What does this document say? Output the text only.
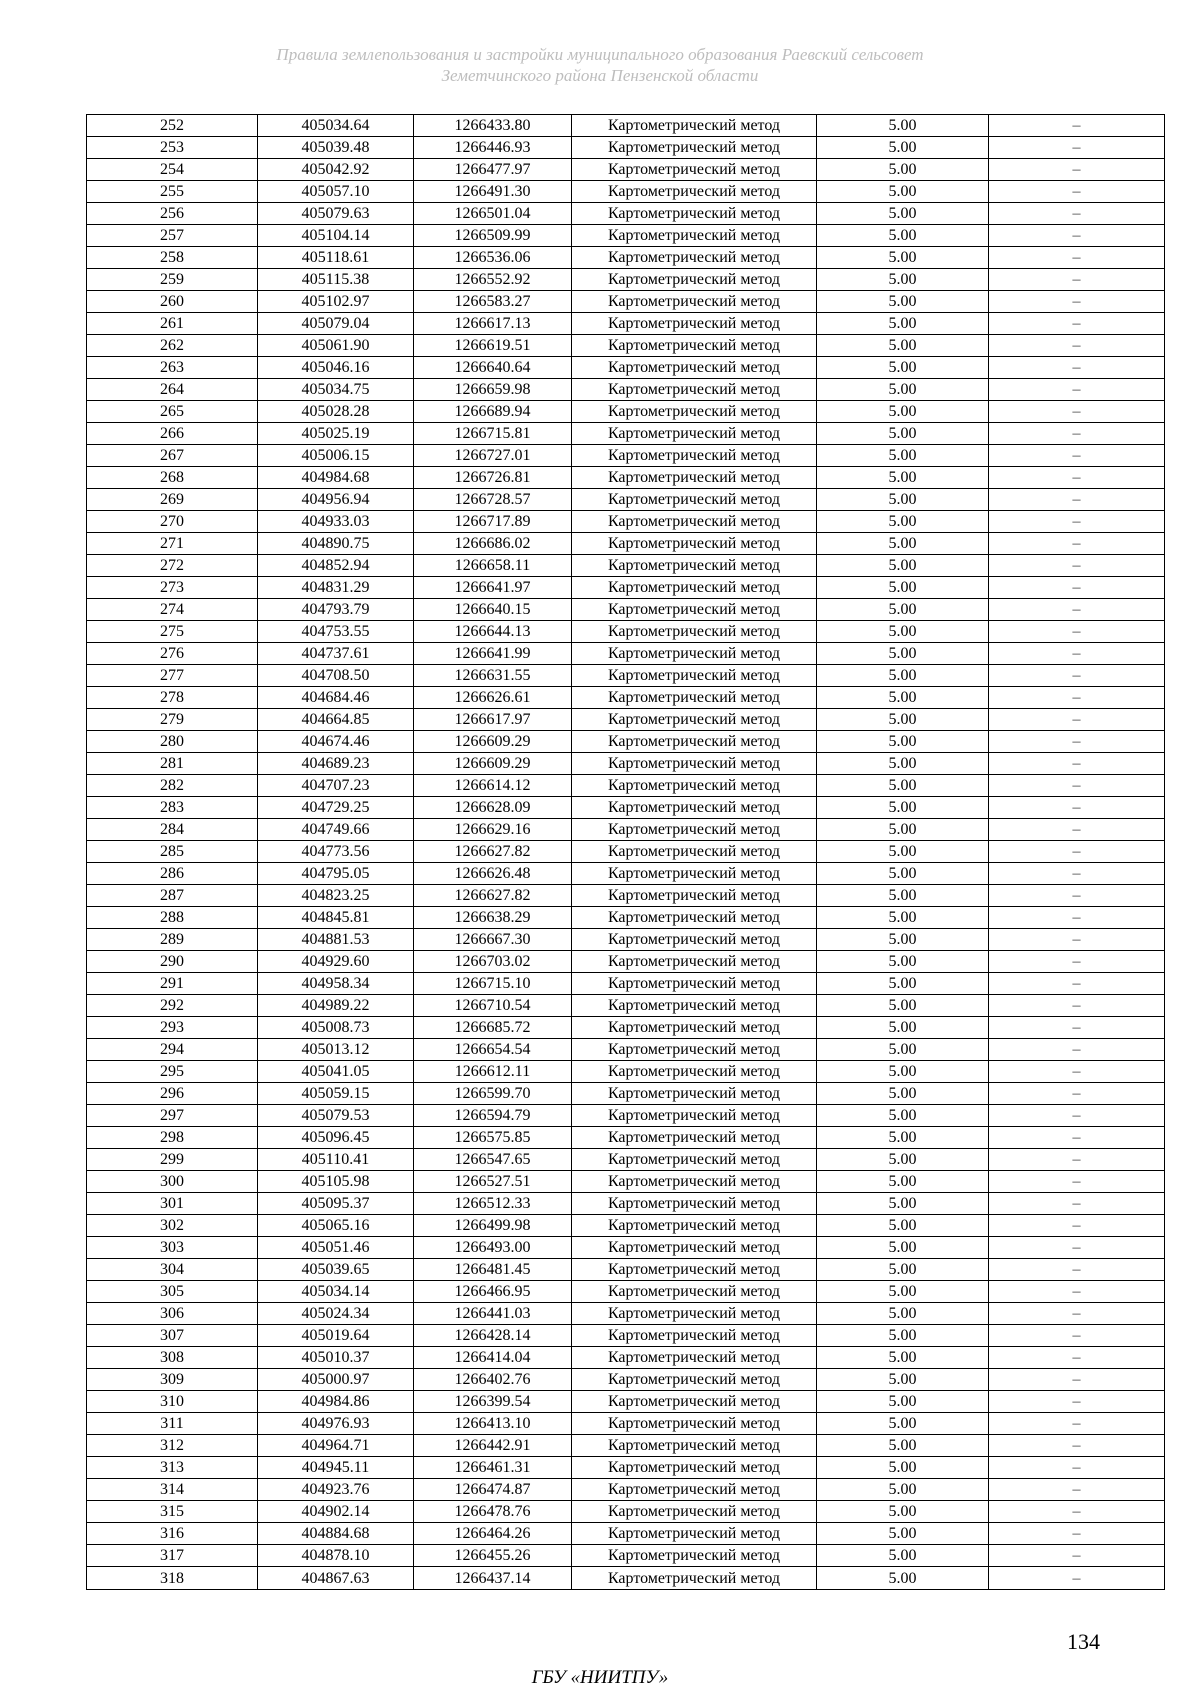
Правила землепользования и застройки муниципального образования Раевский сельсовет
Земетчинского района Пензенской области
252	405034.64	1266433.80	Картометрический метод	5.00	–
253	405039.48	1266446.93	Картометрический метод	5.00	–
254	405042.92	1266477.97	Картометрический метод	5.00	–
255	405057.10	1266491.30	Картометрический метод	5.00	–
256	405079.63	1266501.04	Картометрический метод	5.00	–
257	405104.14	1266509.99	Картометрический метод	5.00	–
258	405118.61	1266536.06	Картометрический метод	5.00	–
259	405115.38	1266552.92	Картометрический метод	5.00	–
260	405102.97	1266583.27	Картометрический метод	5.00	–
261	405079.04	1266617.13	Картометрический метод	5.00	–
262	405061.90	1266619.51	Картометрический метод	5.00	–
263	405046.16	1266640.64	Картометрический метод	5.00	–
264	405034.75	1266659.98	Картометрический метод	5.00	–
265	405028.28	1266689.94	Картометрический метод	5.00	–
266	405025.19	1266715.81	Картометрический метод	5.00	–
267	405006.15	1266727.01	Картометрический метод	5.00	–
268	404984.68	1266726.81	Картометрический метод	5.00	–
269	404956.94	1266728.57	Картометрический метод	5.00	–
270	404933.03	1266717.89	Картометрический метод	5.00	–
271	404890.75	1266686.02	Картометрический метод	5.00	–
272	404852.94	1266658.11	Картометрический метод	5.00	–
273	404831.29	1266641.97	Картометрический метод	5.00	–
274	404793.79	1266640.15	Картометрический метод	5.00	–
275	404753.55	1266644.13	Картометрический метод	5.00	–
276	404737.61	1266641.99	Картометрический метод	5.00	–
277	404708.50	1266631.55	Картометрический метод	5.00	–
278	404684.46	1266626.61	Картометрический метод	5.00	–
279	404664.85	1266617.97	Картометрический метод	5.00	–
280	404674.46	1266609.29	Картометрический метод	5.00	–
281	404689.23	1266609.29	Картометрический метод	5.00	–
282	404707.23	1266614.12	Картометрический метод	5.00	–
283	404729.25	1266628.09	Картометрический метод	5.00	–
284	404749.66	1266629.16	Картометрический метод	5.00	–
285	404773.56	1266627.82	Картометрический метод	5.00	–
286	404795.05	1266626.48	Картометрический метод	5.00	–
287	404823.25	1266627.82	Картометрический метод	5.00	–
288	404845.81	1266638.29	Картометрический метод	5.00	–
289	404881.53	1266667.30	Картометрический метод	5.00	–
290	404929.60	1266703.02	Картометрический метод	5.00	–
291	404958.34	1266715.10	Картометрический метод	5.00	–
292	404989.22	1266710.54	Картометрический метод	5.00	–
293	405008.73	1266685.72	Картометрический метод	5.00	–
294	405013.12	1266654.54	Картометрический метод	5.00	–
295	405041.05	1266612.11	Картометрический метод	5.00	–
296	405059.15	1266599.70	Картометрический метод	5.00	–
297	405079.53	1266594.79	Картометрический метод	5.00	–
298	405096.45	1266575.85	Картометрический метод	5.00	–
299	405110.41	1266547.65	Картометрический метод	5.00	–
300	405105.98	1266527.51	Картометрический метод	5.00	–
301	405095.37	1266512.33	Картометрический метод	5.00	–
302	405065.16	1266499.98	Картометрический метод	5.00	–
303	405051.46	1266493.00	Картометрический метод	5.00	–
304	405039.65	1266481.45	Картометрический метод	5.00	–
305	405034.14	1266466.95	Картометрический метод	5.00	–
306	405024.34	1266441.03	Картометрический метод	5.00	–
307	405019.64	1266428.14	Картометрический метод	5.00	–
308	405010.37	1266414.04	Картометрический метод	5.00	–
309	405000.97	1266402.76	Картометрический метод	5.00	–
310	404984.86	1266399.54	Картометрический метод	5.00	–
311	404976.93	1266413.10	Картометрический метод	5.00	–
312	404964.71	1266442.91	Картометрический метод	5.00	–
313	404945.11	1266461.31	Картометрический метод	5.00	–
314	404923.76	1266474.87	Картометрический метод	5.00	–
315	404902.14	1266478.76	Картометрический метод	5.00	–
316	404884.68	1266464.26	Картометрический метод	5.00	–
317	404878.10	1266455.26	Картометрический метод	5.00	–
318	404867.63	1266437.14	Картометрический метод	5.00	–
134
ГБУ «НИИТПУ»
